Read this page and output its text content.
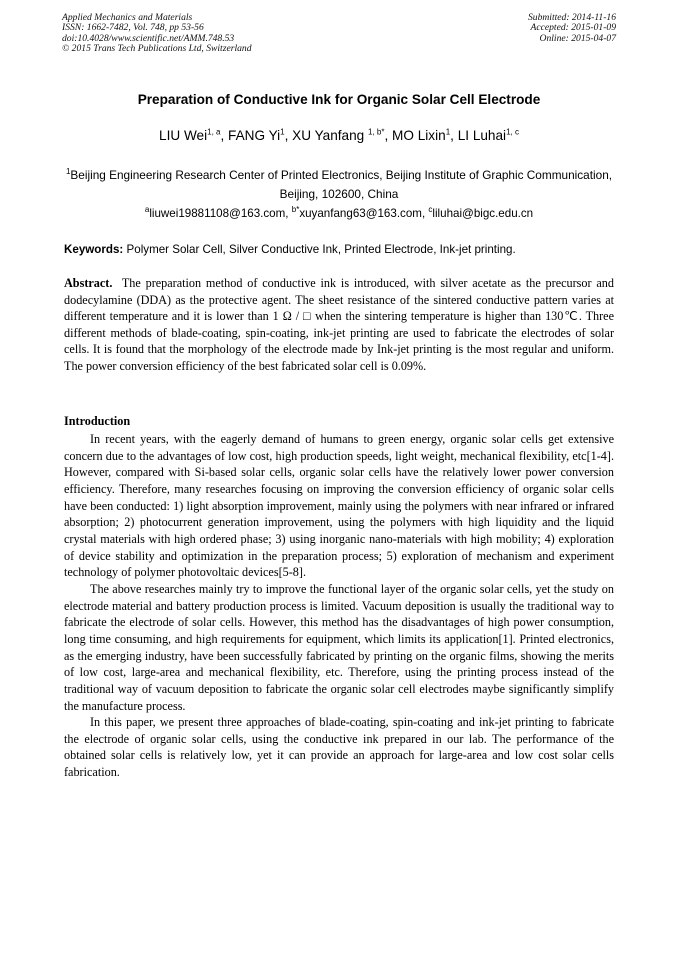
Applied Mechanics and Materials
ISSN: 1662-7482, Vol. 748, pp 53-56
doi:10.4028/www.scientific.net/AMM.748.53
© 2015 Trans Tech Publications Ltd, Switzerland
Submitted: 2014-11-16
Accepted: 2015-01-09
Online: 2015-04-07
Preparation of Conductive Ink for Organic Solar Cell Electrode
LIU Wei$^{1, a}$, FANG Yi$^1$, XU Yanfang $^{1, b*}$, MO Lixin$^1$, LI Luhai$^{1, c}$
$^1$Beijing Engineering Research Center of Printed Electronics, Beijing Institute of Graphic Communication, Beijing, 102600, China
$^a$liuwei19881108@163.com, $^{b*}$xuyanfang63@163.com, $^c$liluhai@bigc.edu.cn
Keywords: Polymer Solar Cell, Silver Conductive Ink, Printed Electrode, Ink-jet printing.
Abstract. The preparation method of conductive ink is introduced, with silver acetate as the precursor and dodecylamine (DDA) as the protective agent. The sheet resistance of the sintered conductive pattern varies at different temperature and it is lower than 1 Ω / □ when the sintering temperature is higher than 130℃. Three different methods of blade-coating, spin-coating, ink-jet printing are used to fabricate the electrodes of solar cells. It is found that the morphology of the electrode made by Ink-jet printing is the most regular and uniform. The power conversion efficiency of the best fabricated solar cell is 0.09%.
Introduction

In recent years, with the eagerly demand of humans to green energy, organic solar cells get extensive concern due to the advantages of low cost, high production speeds, light weight, mechanical flexibility, etc[1-4]. However, compared with Si-based solar cells, organic solar cells have the relatively lower power conversion efficiency. Therefore, many researches focusing on improving the conversion efficiency of organic solar cells have been conducted: 1) light absorption improvement, mainly using the polymers with near infrared or infrared absorption; 2) photocurrent generation improvement, using the polymers with high liquidity and the liquid crystal materials with high ordered phase; 3) using inorganic nano-materials with high mobility; 4) exploration of device stability and optimization in the preparation process; 5) exploration of mechanism and experiment technology of polymer photovoltaic devices[5-8].

The above researches mainly try to improve the functional layer of the organic solar cells, yet the study on electrode material and battery production process is limited. Vacuum deposition is usually the traditional way to fabricate the electrode of solar cells. However, this method has the disadvantages of high power consumption, long time consuming, and high requirements for equipment, which limits its application[1]. Printed electronics, as the emerging industry, have been successfully fabricated by printing on the organic films, showing the merits of low cost, large-area and mechanical flexibility, etc. Therefore, using the printing process instead of the traditional way of vacuum deposition to fabricate the organic solar cell electrodes maybe significantly simplify the manufacture process.

In this paper, we present three approaches of blade-coating, spin-coating and ink-jet printing to fabricate the electrode of organic solar cells, using the conductive ink prepared in our lab. The performance of the obtained solar cells is relatively low, yet it can provide an approach for large-area and low cost solar cells fabrication.
